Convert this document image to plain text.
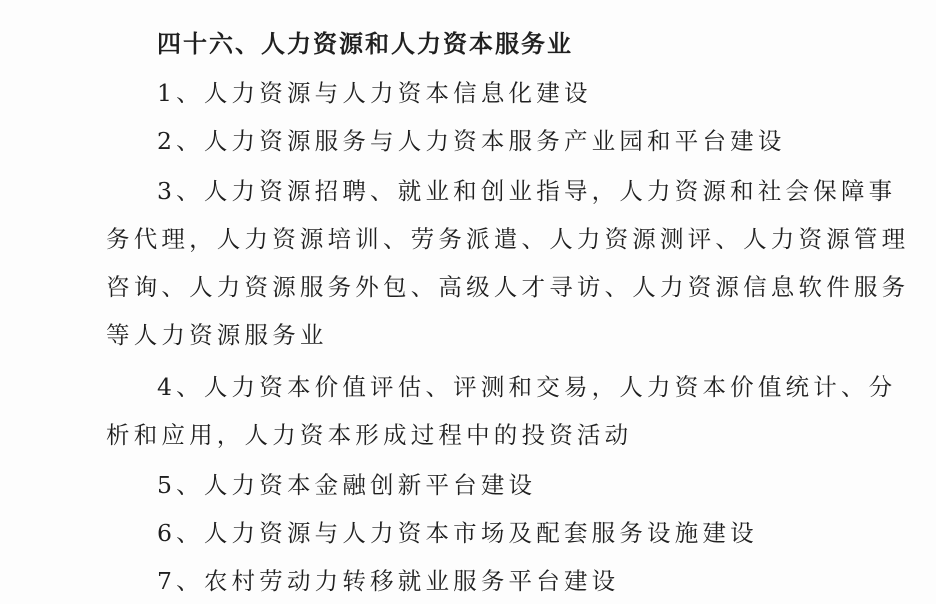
四十六、人力资源和人力资本服务业
1、人力资源与人力资本信息化建设
2、人力资源服务与人力资本服务产业园和平台建设
3、人力资源招聘、就业和创业指导，人力资源和社会保障事
务代理，人力资源培训、劳务派遣、人力资源测评、人力资源管理
咨询、人力资源服务外包、高级人才寻访、人力资源信息软件服务
等人力资源服务业
4、人力资本价值评估、评测和交易，人力资本价值统计、分
析和应用，人力资本形成过程中的投资活动
5、人力资本金融创新平台建设
6、人力资源与人力资本市场及配套服务设施建设
7、农村劳动力转移就业服务平台建设
